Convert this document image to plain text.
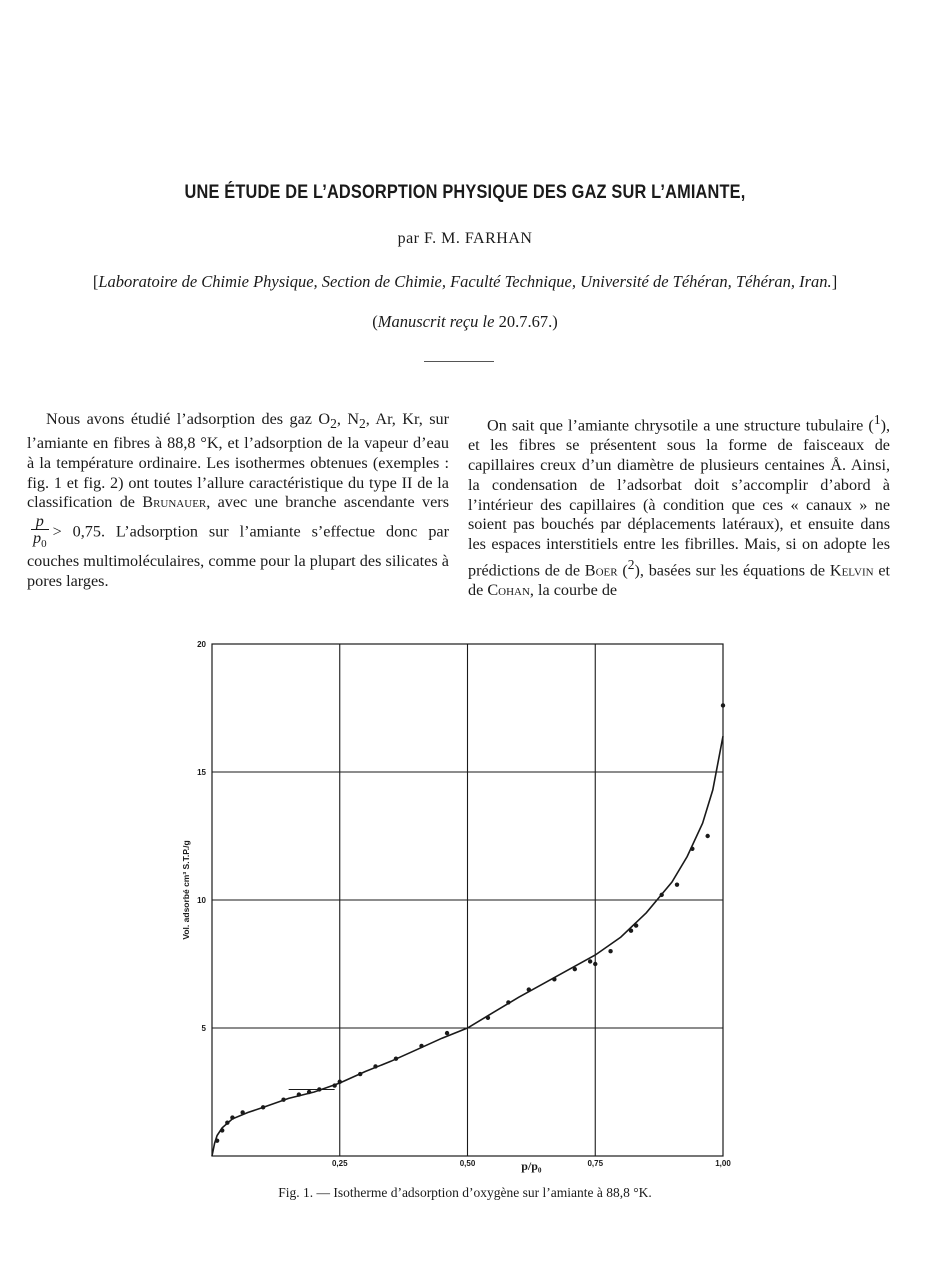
UNE ÉTUDE DE L’ADSORPTION PHYSIQUE DES GAZ SUR L’AMIANTE,
par F. M. FARHAN
[Laboratoire de Chimie Physique, Section de Chimie, Faculté Technique, Université de Téhéran, Téhéran, Iran.]
(Manuscrit reçu le 20.7.67.)

Nous avons étudié l’adsorption des gaz $O_2$, $N_2$, Ar, Kr, sur l’amiante en fibres à 88,8 °K, et l’adsorption de la vapeur d’eau à la température ordinaire. Les isothermes obtenues (exemples : fig. 1 et fig. 2) ont toutes l’allure caractéristique du type II de la classification de Brunauer, avec une branche ascendante vers
$\frac{p}{p_0} > 0,75$. L’adsorption sur l’amiante s’effectue donc par couches multimoléculaires, comme pour la plupart des silicates à pores larges.

On sait que l’amiante chrysotile a une structure tubulaire ($^1$), et les fibres se présentent sous la forme de faisceaux de capillaires creux d’un diamètre de plusieurs centaines Å. Ainsi, la condensation de l’adsorbat doit s’accomplir d’abord à l’intérieur des capillaires (à condition que ces « canaux » ne soient pas bouchés par déplacements latéraux), et ensuite dans les espaces interstitiels entre les fibrilles. Mais, si on adopte les prédictions de de Boer ($^2$), basées sur les équations de Kelvin et de Cohan, la courbe de

0,25	0,50	0,75	1,00
5
10
15
20
Vol. adsorbé cm³ S.T.P./g
p/p₀
Fig. 1. — Isotherme d’adsorption d’oxygène sur l’amiante à 88,8 °K.
